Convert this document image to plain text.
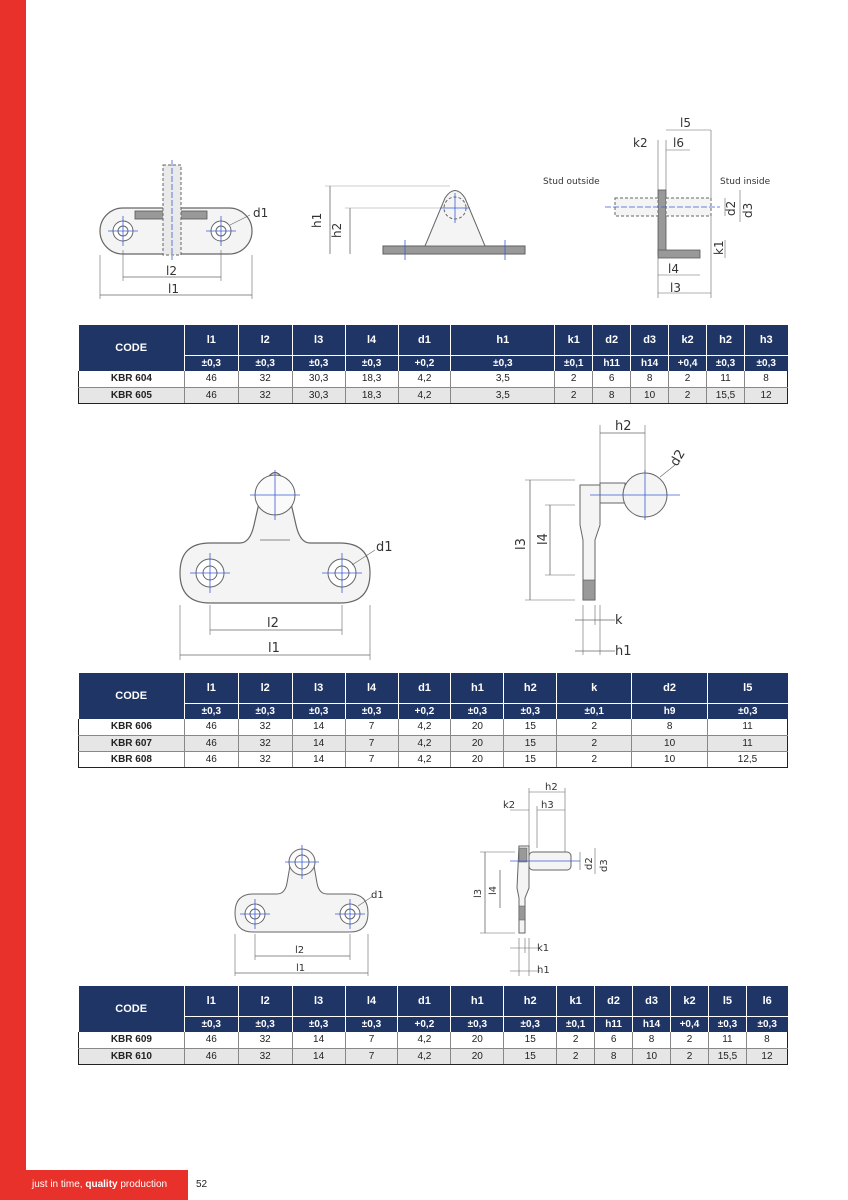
l2
l1
d1	h1
h2
l5
k2 l6
Stud outside	Stud inside
d2 d3
k1
l4
l3
CODE	l1	l2	l3	l4	d1	h1	k1	d2	d3	k2	h2	h3
	±0,3	±0,3	±0,3	±0,3	+0,2	±0,3	±0,1	h11	h14	+0,4	±0,3	±0,3
KBR 604	46	32	30,3	18,3	4,2	3,5	2	6	8	2	11	8
KBR 605	46	32	30,3	18,3	4,2	3,5	2	8	10	2	15,5	12
d1
l2
l1
h2
d2
l3 l4
k
h1
CODE	l1	l2	l3	l4	d1	h1	h2	k	d2	l5
	±0,3	±0,3	±0,3	±0,3	+0,2	±0,3	±0,3	±0,1	h9	±0,3
KBR 606	46	32	14	7	4,2	20	15	2	8	11
KBR 607	46	32	14	7	4,2	20	15	2	10	11
KBR 608	46	32	14	7	4,2	20	15	2	10	12,5
d1
l2
l1
h2
k2	h3
d2 d3
l3 l4
k1
h1
CODE	l1	l2	l3	l4	d1	h1	h2	k1	d2	d3	k2	l5	l6
	±0,3	±0,3	±0,3	±0,3	+0,2	±0,3	±0,3	±0,1	h11	h14	+0,4	±0,3	±0,3
KBR 609	46	32	14	7	4,2	20	15	2	6	8	2	11	8
KBR 610	46	32	14	7	4,2	20	15	2	8	10	2	15,5	12
just in time, quality production	52
